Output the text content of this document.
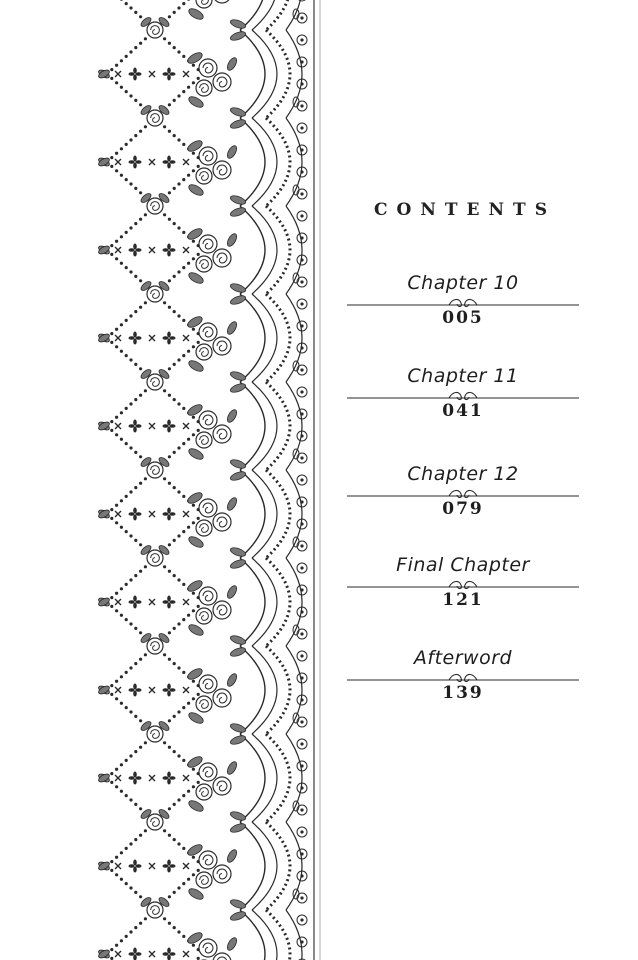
CONTENTS
Chapter 10
005
Chapter 11
041
Chapter 12
079
Final Chapter
121
Afterword
139
